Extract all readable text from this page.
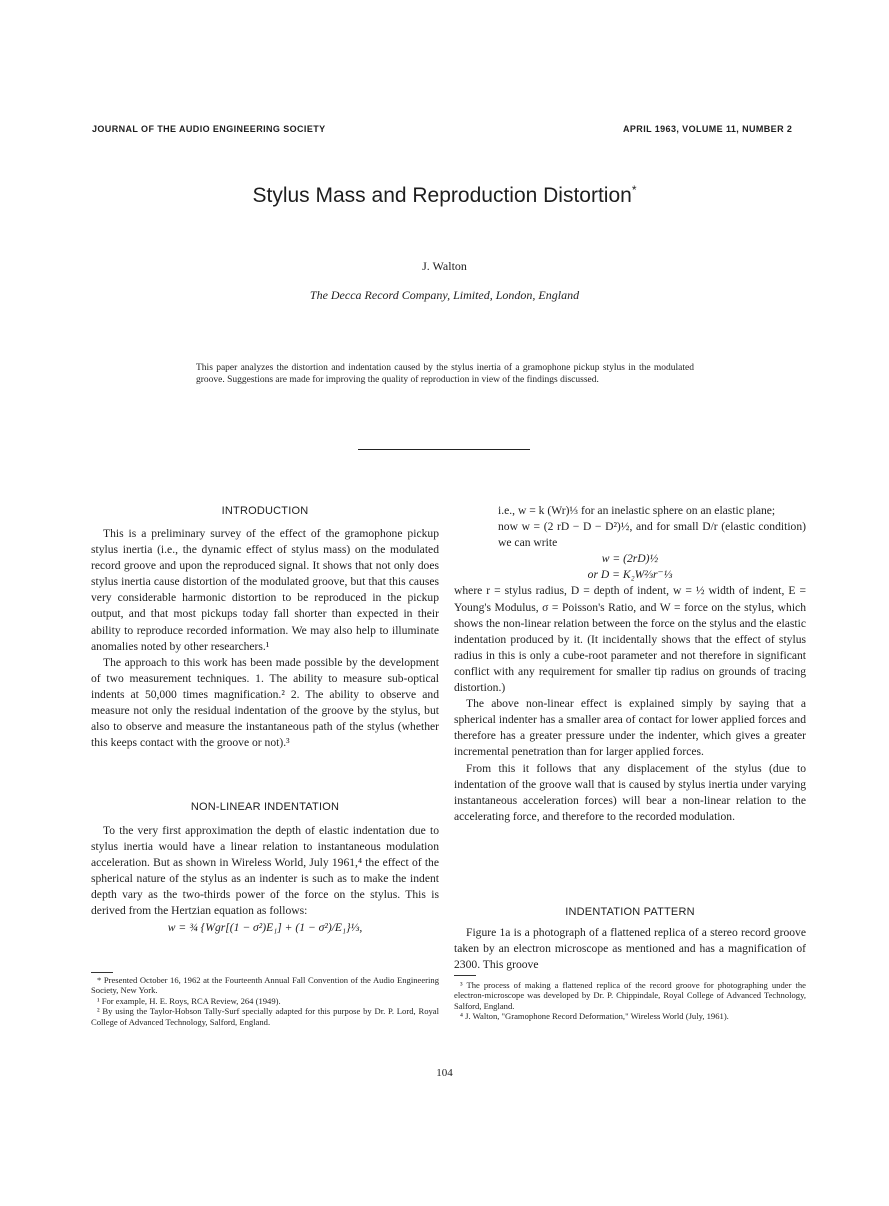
JOURNAL OF THE AUDIO ENGINEERING SOCIETY	APRIL 1963, VOLUME 11, NUMBER 2
Stylus Mass and Reproduction Distortion*
J. Walton
The Decca Record Company, Limited, London, England
This paper analyzes the distortion and indentation caused by the stylus inertia of a gramophone pickup stylus in the modulated groove. Suggestions are made for improving the quality of reproduction in view of the findings discussed.
INTRODUCTION

This is a preliminary survey of the effect of the gramophone pickup stylus inertia (i.e., the dynamic effect of stylus mass) on the modulated record groove and upon the reproduced signal. It shows that not only does stylus inertia cause distortion of the modulated groove, but that this causes very considerable harmonic distortion to be reproduced in the pickup output, and that most pickups today fall shorter than expected in their ability to reproduce recorded information. We may also help to illuminate anomalies noted by other researchers.¹

The approach to this work has been made possible by the development of two measurement techniques. 1. The ability to measure sub-optical indents at 50,000 times magnification.² 2. The ability to observe and measure not only the residual indentation of the groove by the stylus, but also to observe and measure the instantaneous path of the stylus (whether this keeps contact with the groove or not).³

NON-LINEAR INDENTATION

To the very first approximation the depth of elastic indentation due to stylus inertia would have a linear relation to instantaneous modulation acceleration. But as shown in Wireless World, July 1961,⁴ the effect of the spherical nature of the stylus as an indenter is such as to make the indent depth vary as the two-thirds power of the force on the stylus. This is derived from the Hertzian equation as follows:

w = ¾ {Wgr[(1 − σ²)E₁] + (1 − σ²)/E₁}⅓,

* Presented October 16, 1962 at the Fourteenth Annual Fall Convention of the Audio Engineering Society, New York.

¹ For example, H. E. Roys, RCA Review, 264 (1949).

² By using the Taylor-Hobson Tally-Surf specially adapted for this purpose by Dr. P. Lord, Royal College of Advanced Technology, Salford, England.

i.e., w = k (Wr)⅓ for an inelastic sphere on an elastic plane;

now w = (2 rD − D − D²)½, and for small D/r (elastic condition) we can write

w = (2rD)½
or D = K₂W⅔r⁻⅓

where r = stylus radius, D = depth of indent, w = ½ width of indent, E = Young's Modulus, σ = Poisson's Ratio, and W = force on the stylus, which shows the non-linear relation between the force on the stylus and the elastic indentation produced by it. (It incidentally shows that the effect of stylus radius in this is only a cube-root parameter and not therefore in significant conflict with any requirement for smaller tip radius on grounds of tracing distortion.)

The above non-linear effect is explained simply by saying that a spherical indenter has a smaller area of contact for lower applied forces and therefore has a greater pressure under the indenter, which gives a greater incremental penetration than for larger applied forces.

From this it follows that any displacement of the stylus (due to indentation of the groove wall that is caused by stylus inertia under varying instantaneous acceleration forces) will bear a non-linear relation to the accelerating force, and therefore to the recorded modulation.

INDENTATION PATTERN

Figure 1a is a photograph of a flattened replica of a stereo record groove taken by an electron microscope as mentioned and has a magnification of 2300. This groove

³ The process of making a flattened replica of the record groove for photographing under the electron-microscope was developed by Dr. P. Chippindale, Royal College of Advanced Technology, Salford, England.

⁴ J. Walton, "Gramophone Record Deformation," Wireless World (July, 1961).

104
